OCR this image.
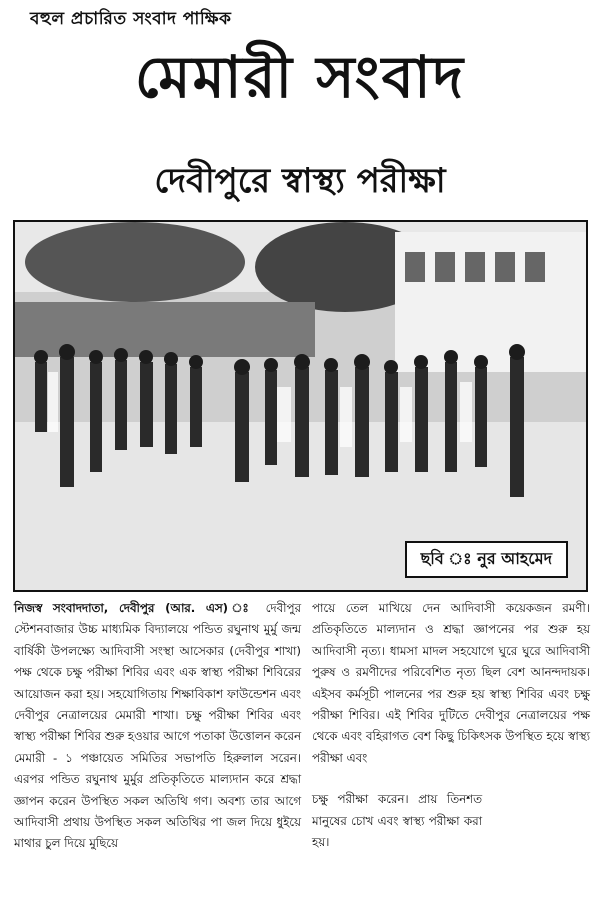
বহুল প্রচারিত সংবাদ পাক্ষিক
মেমারী সংবাদ
দেবীপুরে স্বাস্থ্য পরীক্ষা
ছবি ঃ নুর আহমেদ

নিজস্ব সংবাদদাতা, দেবীপুর (আর. এস) ঃ দেবীপুর স্টেশনবাজার উচ্চ মাধ্যমিক বিদ্যালয়ে পন্ডিত রঘুনাথ মুর্মু জন্ম বার্ষিকী উপলক্ষ্যে আদিবাসী সংস্থা আসেকার (দেবীপুর শাখা) পক্ষ থেকে চক্ষু পরীক্ষা শিবির এবং এক স্বাস্থ্য পরীক্ষা শিবিরের আয়োজন করা হয়। সহযোগিতায় শিক্ষাবিকাশ ফাউন্ডেশন এবং দেবীপুর নেত্রালয়ের মেমারী শাখা। চক্ষু পরীক্ষা শিবির এবং স্বাস্থ্য পরীক্ষা শিবির শুরু হওয়ার আগে পতাকা উত্তোলন করেন মেমারী - ১ পঞ্চায়েত সমিতির সভাপতি হিরুলাল সরেন। এরপর পন্ডিত রঘুনাথ মুর্মুর প্রতিকৃতিতে মাল্যদান করে শ্রদ্ধা জ্ঞাপন করেন উপস্থিত সকল অতিথি গণ। অবশ্য তার আগে আদিবাসী প্রথায় উপস্থিত সকল অতিথির পা জল দিয়ে ধুইয়ে মাথার চুল দিয়ে মুছিয়ে

পায়ে তেল মাখিয়ে দেন আদিবাসী কয়েকজন রমণী। প্রতিকৃতিতে মাল্যদান ও শ্রদ্ধা জ্ঞাপনের পর শুরু হয় আদিবাসী নৃত্য। ধামসা মাদল সহযোগে ঘুরে ঘুরে আদিবাসী পুরুষ ও রমণীদের পরিবেশিত নৃত্য ছিল বেশ আনন্দদায়ক। এইসব কর্মসূচী পালনের পর শুরু হয় স্বাস্থ্য শিবির এবং চক্ষু পরীক্ষা শিবির। এই শিবির দুটিতে দেবীপুর নেত্রালয়ের পক্ষ থেকে এবং বহিরাগত বেশ কিছু চিকিৎসক উপস্থিত হয়ে স্বাস্থ্য পরীক্ষা এবং

চক্ষু পরীক্ষা করেন। প্রায় তিনশত মানুষের চোখ এবং স্বাস্থ্য পরীক্ষা করা হয়।
